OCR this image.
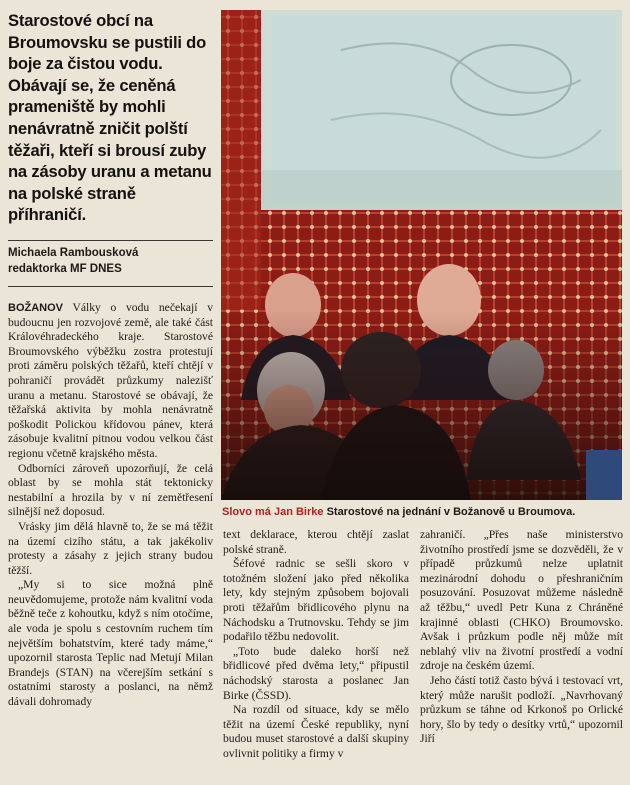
Starostové obcí na Broumovsku se pustili do boje za čistou vodu. Obávají se, že ceněná prameniště by mohli nenávratně zničit polští těžaři, kteří si brousí zuby na zásoby uranu a metanu na polské straně příhraničí.
Michaela Rambousková
redaktorka MF DNES
Slovo má Jan Birke Starostové na jednání v Božanově u Broumova.

BOŽANOV Války o vodu nečekají v budoucnu jen rozvojové země, ale také část Královéhradeckého kraje. Starostové Broumovského výběžku zostra protestují proti záměru polských těžařů, kteří chtějí v pohraničí provádět průzkumy nalezišť uranu a metanu. Starostové se obávají, že těžařská aktivita by mohla nenávratně poškodit Polickou křídovou pánev, která zásobuje kvalitní pitnou vodou velkou část regionu včetně krajského města.

Odborníci zároveň upozorňují, že celá oblast by se mohla stát tektonicky nestabilní a hrozila by v ní zemětřesení silnější než doposud.

Vrásky jim dělá hlavně to, že se má těžit na území cizího státu, a tak jakékoliv protesty a zásahy z jejich strany budou těžší.

„My si to sice možná plně neuvědomujeme, protože nám kvalitní voda běžně teče z kohoutku, když s ním otočíme, ale voda je spolu s cestovním ruchem tím největším bohatstvím, které tady máme,“ upozornil starosta Teplic nad Metují Milan Brandejs (STAN) na včerejším setkání s ostatními starosty a poslanci, na němž dávali dohromady

text deklarace, kterou chtějí zaslat polské straně.

Šéfové radnic se sešli skoro v totožném složení jako před několika lety, kdy stejným způsobem bojovali proti těžařům břidlicového plynu na Náchodsku a Trutnovsku. Tehdy se jim podařilo těžbu nedovolit.

„Toto bude daleko horší než břidlicové před dvěma lety,“ připustil náchodský starosta a poslanec Jan Birke (ČSSD).

Na rozdíl od situace, kdy se mělo těžit na území České republiky, nyní budou muset starostové a další skupiny ovlivnit politiky a firmy v

zahraničí. „Přes naše ministerstvo životního prostředí jsme se dozvěděli, že v případě průzkumů nelze uplatnit mezinárodní dohodu o přeshraničním posuzování. Posuzovat můžeme následně až těžbu,“ uvedl Petr Kuna z Chráněné krajinné oblasti (CHKO) Broumovsko. Avšak i průzkum podle něj může mít neblahý vliv na životní prostředí a vodní zdroje na českém území.

Jeho částí totiž často bývá i testovací vrt, který může narušit podloží. „Navrhovaný průzkum se táhne od Krkonoš po Orlické hory, šlo by tedy o desítky vrtů,“ upozornil Jiří
